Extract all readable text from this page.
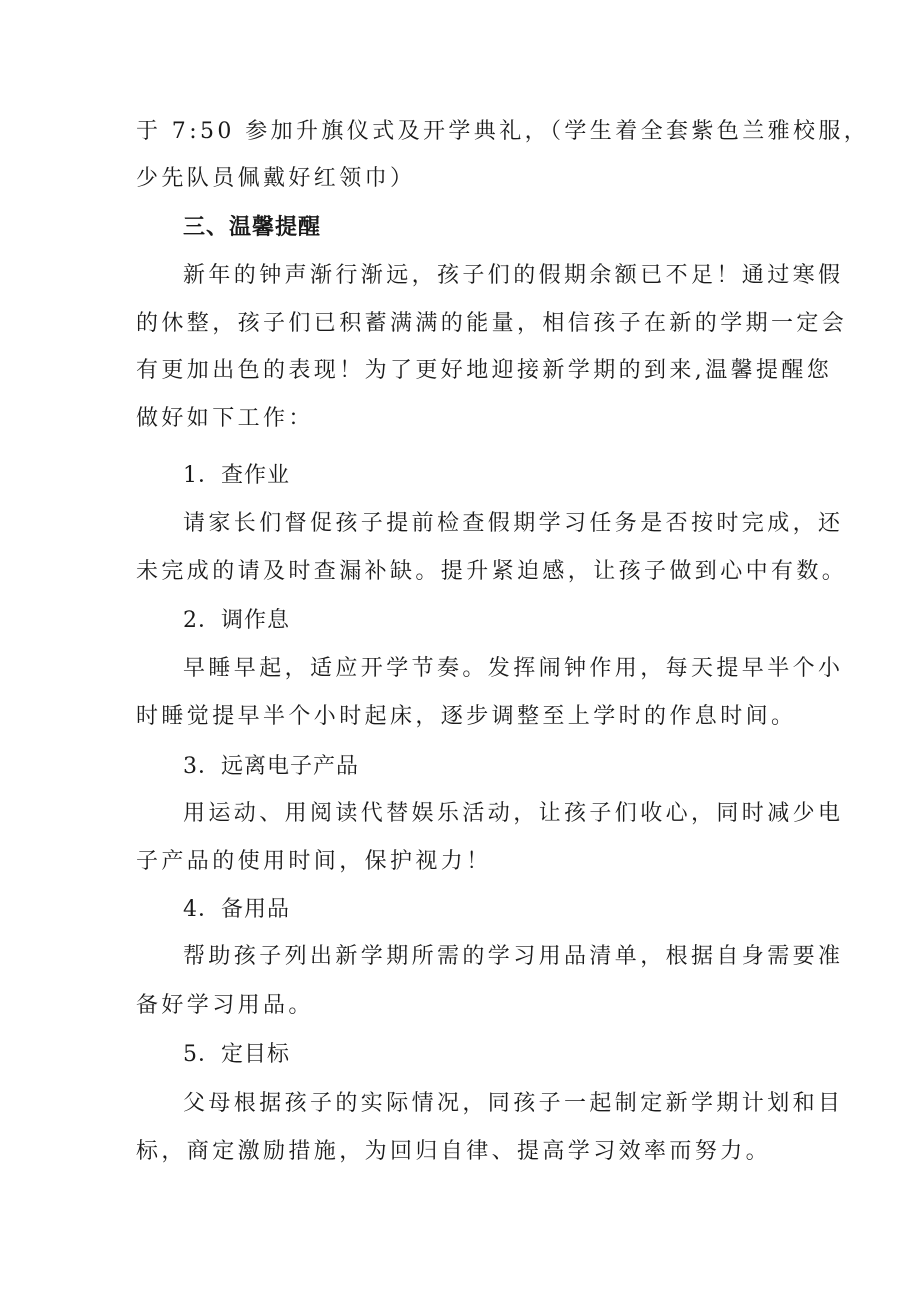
于 7:50 参加升旗仪式及开学典礼，（学生着全套紫色兰雅校服，
少先队员佩戴好红领巾）
三、温馨提醒
新年的钟声渐行渐远，孩子们的假期余额已不足！通过寒假
的休整，孩子们已积蓄满满的能量，相信孩子在新的学期一定会
有更加出色的表现！为了更好地迎接新学期的到来,温馨提醒您
做好如下工作：
1．查作业
请家长们督促孩子提前检查假期学习任务是否按时完成，还
未完成的请及时查漏补缺。提升紧迫感，让孩子做到心中有数。
2．调作息
早睡早起，适应开学节奏。发挥闹钟作用，每天提早半个小
时睡觉提早半个小时起床，逐步调整至上学时的作息时间。
3．远离电子产品
用运动、用阅读代替娱乐活动，让孩子们收心，同时减少电
子产品的使用时间，保护视力！
4．备用品
帮助孩子列出新学期所需的学习用品清单，根据自身需要准
备好学习用品。
5．定目标
父母根据孩子的实际情况，同孩子一起制定新学期计划和目
标，商定激励措施，为回归自律、提高学习效率而努力。
